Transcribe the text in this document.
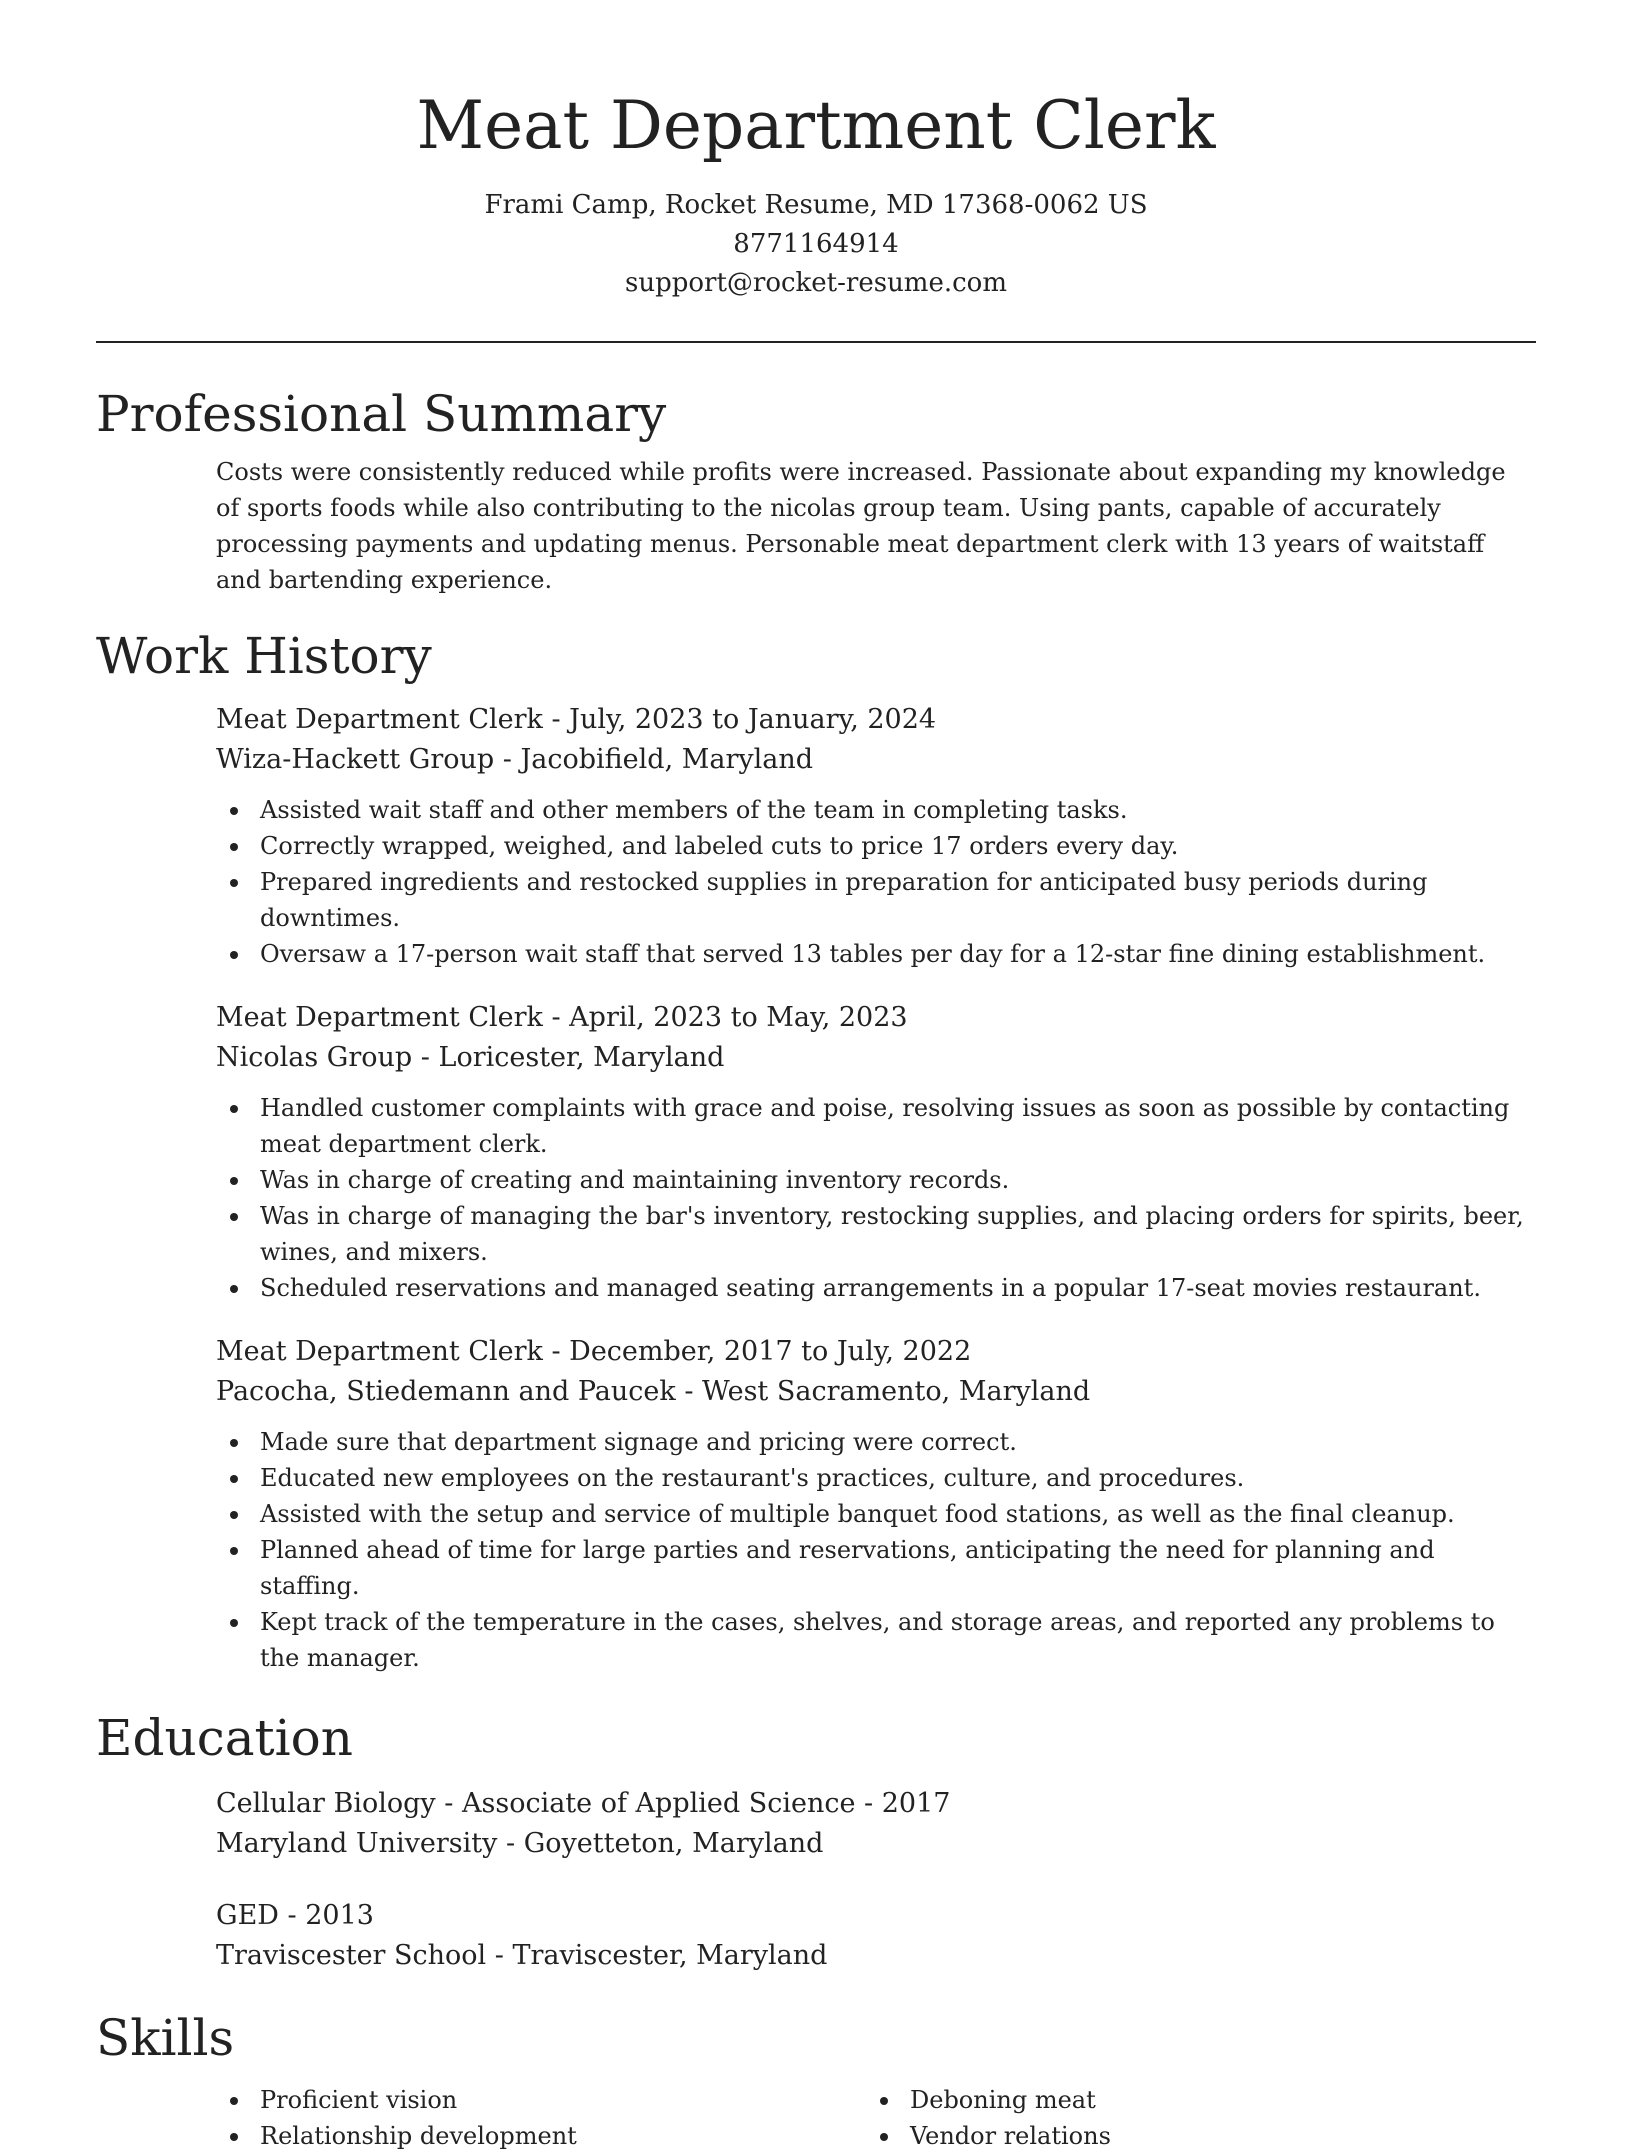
Meat Department Clerk
Frami Camp, Rocket Resume, MD 17368-0062 US
8771164914
support@rocket-resume.com
Professional Summary

Costs were consistently reduced while profits were increased. Passionate about expanding my knowledge of sports foods while also contributing to the nicolas group team. Using pants, capable of accurately processing payments and updating menus. Personable meat department clerk with 13 years of waitstaff and bartending experience.

Work History
Meat Department Clerk - July, 2023 to January, 2024
Wiza-Hackett Group - Jacobifield, Maryland
Assisted wait staff and other members of the team in completing tasks.
Correctly wrapped, weighed, and labeled cuts to price 17 orders every day.
Prepared ingredients and restocked supplies in preparation for anticipated busy periods during downtimes.
Oversaw a 17-person wait staff that served 13 tables per day for a 12-star fine dining establishment.
Meat Department Clerk - April, 2023 to May, 2023
Nicolas Group - Loricester, Maryland
Handled customer complaints with grace and poise, resolving issues as soon as possible by contacting meat department clerk.
Was in charge of creating and maintaining inventory records.
Was in charge of managing the bar's inventory, restocking supplies, and placing orders for spirits, beer, wines, and mixers.
Scheduled reservations and managed seating arrangements in a popular 17-seat movies restaurant.
Meat Department Clerk - December, 2017 to July, 2022
Pacocha, Stiedemann and Paucek - West Sacramento, Maryland
Made sure that department signage and pricing were correct.
Educated new employees on the restaurant's practices, culture, and procedures.
Assisted with the setup and service of multiple banquet food stations, as well as the final cleanup.
Planned ahead of time for large parties and reservations, anticipating the need for planning and staffing.
Kept track of the temperature in the cases, shelves, and storage areas, and reported any problems to the manager.
Education
Cellular Biology - Associate of Applied Science - 2017
Maryland University - Goyetteton, Maryland
GED - 2013
Traviscester School - Traviscester, Maryland
Skills
Proficient vision
Relationship development
Deboning meat
Vendor relations
